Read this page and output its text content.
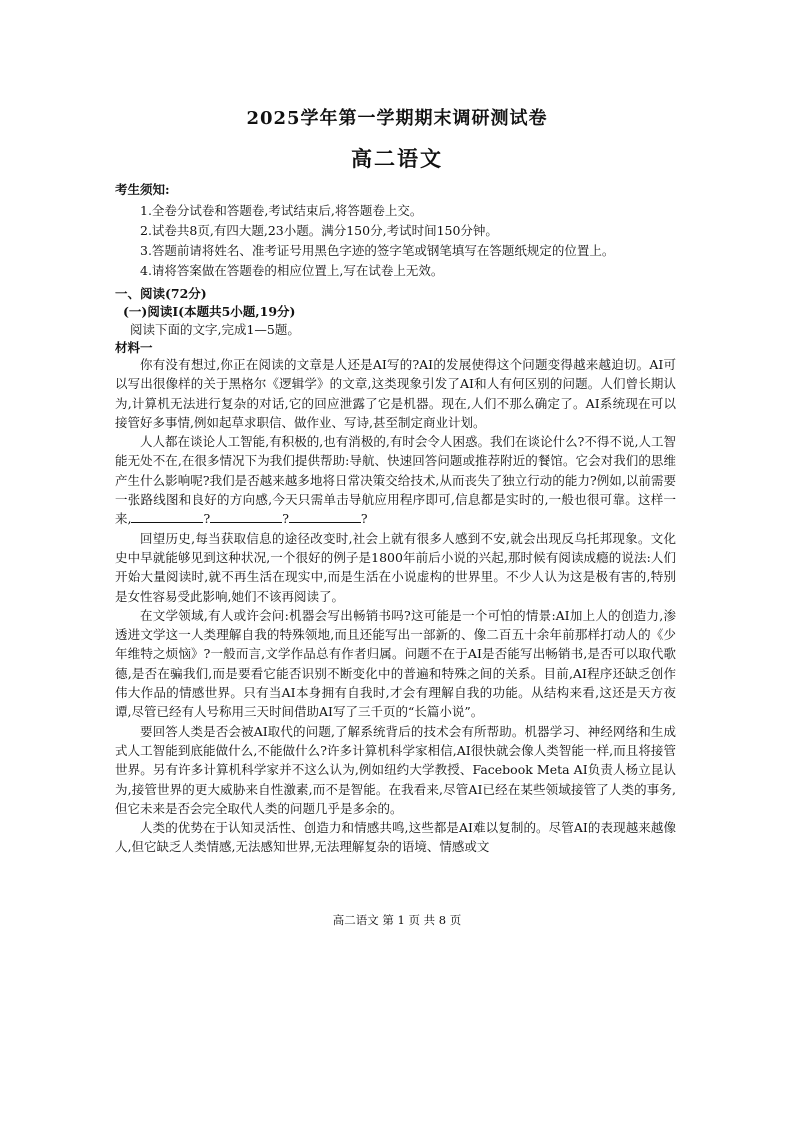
2025学年第一学期期末调研测试卷
高二语文
考生须知:
1.全卷分试卷和答题卷,考试结束后,将答题卷上交。
2.试卷共8页,有四大题,23小题。满分150分,考试时间150分钟。
3.答题前请将姓名、准考证号用黑色字迹的签字笔或钢笔填写在答题纸规定的位置上。
4.请将答案做在答题卷的相应位置上,写在试卷上无效。
一、阅读(72分)
(一)阅读Ⅰ(本题共5小题,19分)
阅读下面的文字,完成1—5题。
材料一

你有没有想过,你正在阅读的文章是人还是AI写的?AI的发展使得这个问题变得越来越迫切。AI可以写出很像样的关于黑格尔《逻辑学》的文章,这类现象引发了AI和人有何区别的问题。人们曾长期认为,计算机无法进行复杂的对话,它的回应泄露了它是机器。现在,人们不那么确定了。AI系统现在可以接管好多事情,例如起草求职信、做作业、写诗,甚至制定商业计划。

人人都在谈论人工智能,有积极的,也有消极的,有时会令人困惑。我们在谈论什么?不得不说,人工智能无处不在,在很多情况下为我们提供帮助:导航、快速回答问题或推荐附近的餐馆。它会对我们的思维产生什么影响呢?我们是否越来越多地将日常决策交给技术,从而丧失了独立行动的能力?例如,以前需要一张路线图和良好的方向感,今天只需单击导航应用程序即可,信息都是实时的,一般也很可靠。这样一来,	?	?	?

回望历史,每当获取信息的途径改变时,社会上就有很多人感到不安,就会出现反乌托邦现象。文化史中早就能够见到这种状况,一个很好的例子是1800年前后小说的兴起,那时候有阅读成瘾的说法:人们开始大量阅读时,就不再生活在现实中,而是生活在小说虚构的世界里。不少人认为这是极有害的,特别是女性容易受此影响,她们不该再阅读了。

在文学领域,有人或许会问:机器会写出畅销书吗?这可能是一个可怕的情景:AI加上人的创造力,渗透进文学这一人类理解自我的特殊领地,而且还能写出一部新的、像二百五十余年前那样打动人的《少年维特之烦恼》?一般而言,文学作品总有作者归属。问题不在于AI是否能写出畅销书,是否可以取代歌德,是否在骗我们,而是要看它能否识别不断变化中的普遍和特殊之间的关系。目前,AI程序还缺乏创作伟大作品的情感世界。只有当AI本身拥有自我时,才会有理解自我的功能。从结构来看,这还是天方夜谭,尽管已经有人号称用三天时间借助AI写了三千页的“长篇小说”。

要回答人类是否会被AI取代的问题,了解系统背后的技术会有所帮助。机器学习、神经网络和生成式人工智能到底能做什么,不能做什么?许多计算机科学家相信,AI很快就会像人类智能一样,而且将接管世界。另有许多计算机科学家并不这么认为,例如纽约大学教授、Facebook Meta AI负责人杨立昆认为,接管世界的更大威胁来自性激素,而不是智能。在我看来,尽管AI已经在某些领域接管了人类的事务,但它未来是否会完全取代人类的问题几乎是多余的。

人类的优势在于认知灵活性、创造力和情感共鸣,这些都是AI难以复制的。尽管AI的表现越来越像人,但它缺乏人类情感,无法感知世界,无法理解复杂的语境、情感或文

高二语文 第 1 页 共 8 页
